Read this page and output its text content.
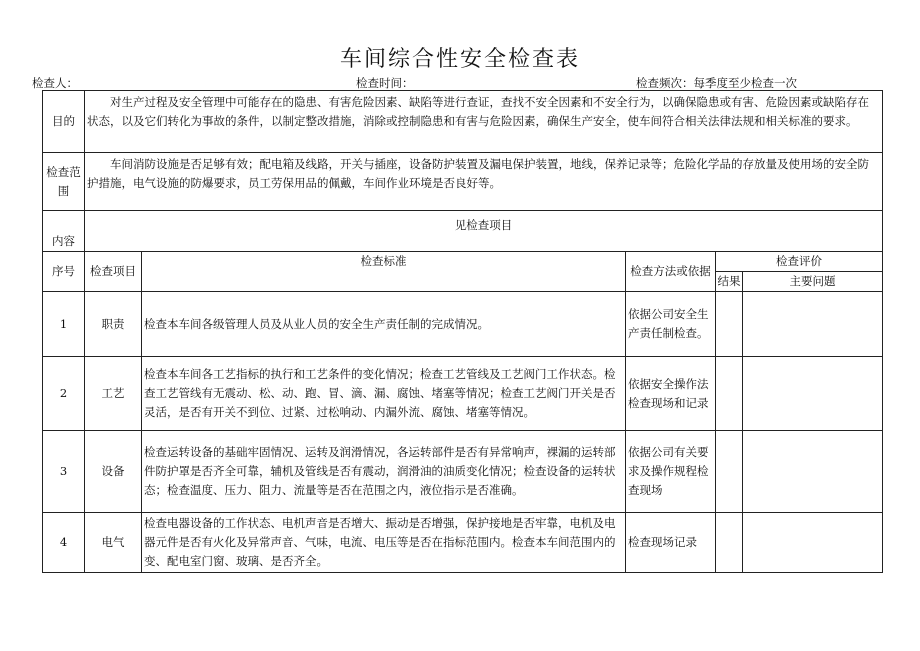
车间综合性安全检查表
检查人：	检查时间：	检查频次：每季度至少检查一次
目的	对生产过程及安全管理中可能存在的隐患、有害危险因素、缺陷等进行查证，查找不安全因素和不安全行为，以确保隐患或有害、危险因素或缺陷存在状态，以及它们转化为事故的条件，以制定整改措施，消除或控制隐患和有害与危险因素，确保生产安全，使车间符合相关法律法规和相关标准的要求。				
检查范围	车间消防设施是否足够有效；配电箱及线路，开关与插座，设备防护装置及漏电保护装置，地线，保养记录等；危险化学品的存放量及使用场的安全防护措施，电气设施的防爆要求，员工劳保用品的佩戴，车间作业环境是否良好等。				
内容	见检查项目				
序号	检查项目	检查标准	检查方法或依据	检查评价	
				结果	主要问题
1	职责	检查本车间各级管理人员及从业人员的安全生产责任制的完成情况。	依据公司安全生产责任制检查。		
2	工艺	检查本车间各工艺指标的执行和工艺条件的变化情况；检查工艺管线及工艺阀门工作状态。检查工艺管线有无震动、松、动、跑、冒、滴、漏、腐蚀、堵塞等情况；检查工艺阀门开关是否灵活，是否有开关不到位、过紧、过松响动、内漏外流、腐蚀、堵塞等情况。	依据安全操作法检查现场和记录		
3	设备	检查运转设备的基础牢固情况、运转及润滑情况，各运转部件是否有异常响声，裸漏的运转部件防护罩是否齐全可靠，辅机及管线是否有震动，润滑油的油质变化情况；检查设备的运转状态；检查温度、压力、阻力、流量等是否在范围之内，液位指示是否准确。	依据公司有关要求及操作规程检查现场		
4	电气	检查电器设备的工作状态、电机声音是否增大、振动是否增强，保护接地是否牢靠，电机及电器元件是否有火化及异常声音、气味，电流、电压等是否在指标范围内。检查本车间范围内的变、配电室门窗、玻璃、是否齐全。	检查现场记录		
